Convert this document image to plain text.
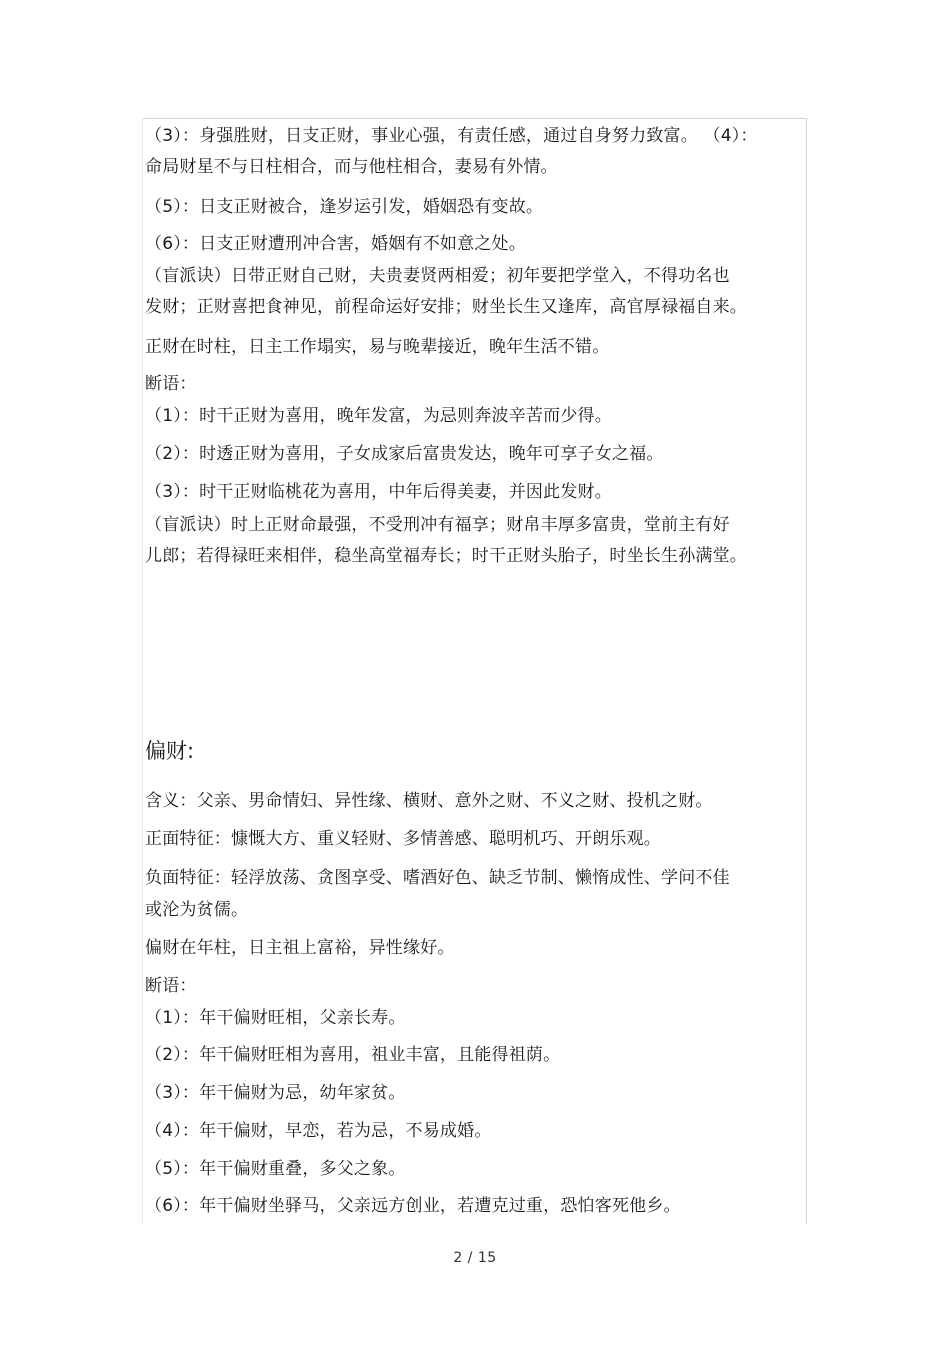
（3）：身强胜财，日支正财，事业心强，有责任感，通过自身努力致富。 （4）：

命局财星不与日柱相合，而与他柱相合，妻易有外情。

（5）：日支正财被合，逢岁运引发，婚姻恐有变故。

（6）：日支正财遭刑冲合害，婚姻有不如意之处。

（盲派诀）日带正财自己财，夫贵妻贤两相爱；初年要把学堂入，不得功名也

发财；正财喜把食神见，前程命运好安排；财坐长生又逢库，高官厚禄福自来。

正财在时柱，日主工作塌实，易与晚辈接近，晚年生活不错。

断语：

（1）：时干正财为喜用，晚年发富，为忌则奔波辛苦而少得。

（2）：时透正财为喜用，子女成家后富贵发达，晚年可享子女之福。

（3）：时干正财临桃花为喜用，中年后得美妻，并因此发财。

（盲派诀）时上正财命最强，不受刑冲有福享；财帛丰厚多富贵，堂前主有好

儿郎；若得禄旺来相伴，稳坐高堂福寿长；时干正财头胎子，时坐长生孙满堂。

偏财:

含义：父亲、男命情妇、异性缘、横财、意外之财、不义之财、投机之财。

正面特征：慷慨大方、重义轻财、多情善感、聪明机巧、开朗乐观。

负面特征：轻浮放荡、贪图享受、嗜酒好色、缺乏节制、懒惰成性、学问不佳

或沦为贫儒。

偏财在年柱，日主祖上富裕，异性缘好。

断语：

（1）：年干偏财旺相，父亲长寿。

（2）：年干偏财旺相为喜用，祖业丰富，且能得祖荫。

（3）：年干偏财为忌，幼年家贫。

（4）：年干偏财，早恋，若为忌，不易成婚。

（5）：年干偏财重叠，多父之象。

（6）：年干偏财坐驿马，父亲远方创业，若遭克过重，恐怕客死他乡。

2 / 15
